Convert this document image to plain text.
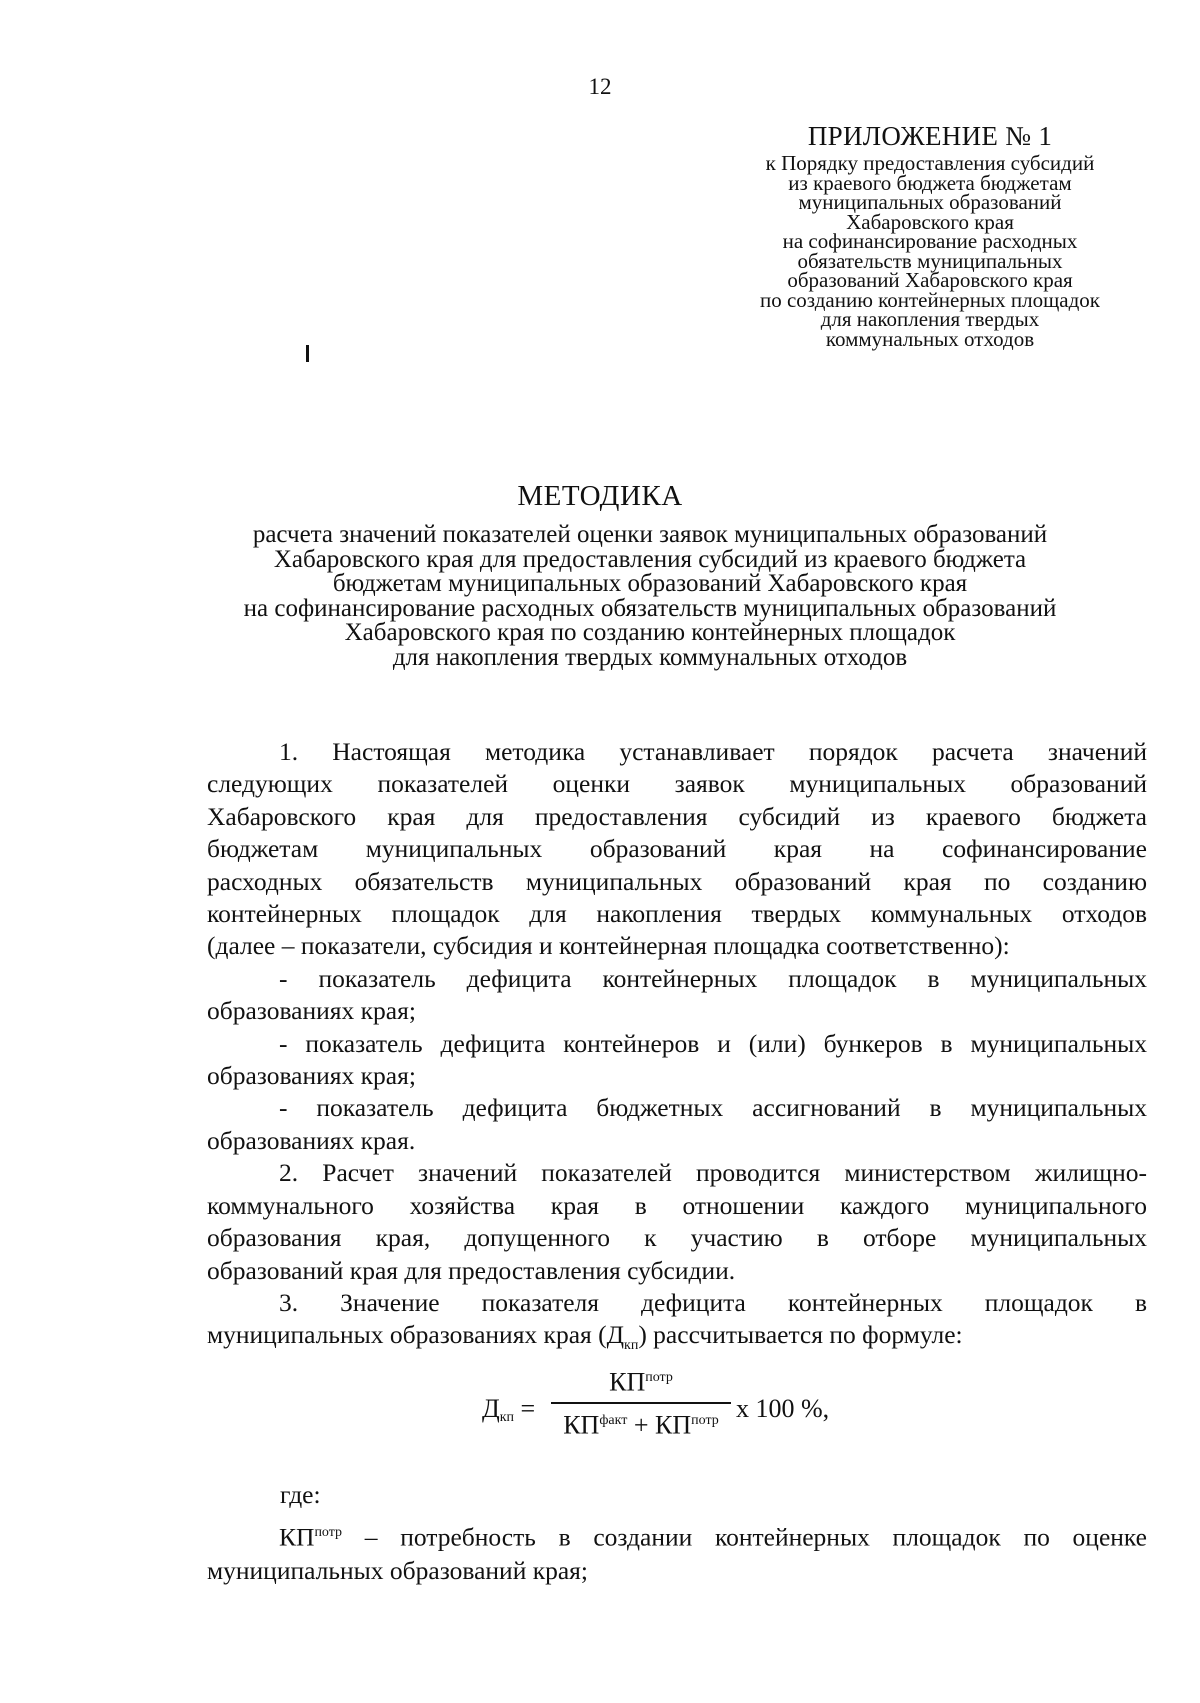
12
ПРИЛОЖЕНИЕ № 1
к Порядку предоставления субсидий
из краевого бюджета бюджетам
муниципальных образований
Хабаровского края
на софинансирование расходных
обязательств муниципальных
образований Хабаровского края
по созданию контейнерных площадок
для накопления твердых
коммунальных отходов
МЕТОДИКА
расчета значений показателей оценки заявок муниципальных образований
Хабаровского края для предоставления субсидий из краевого бюджета
бюджетам муниципальных образований Хабаровского края
на софинансирование расходных обязательств муниципальных образований
Хабаровского края по созданию контейнерных площадок
для накопления твердых коммунальных отходов
1. Настоящая методика устанавливает порядок расчета значений
следующих показателей оценки заявок муниципальных образований
Хабаровского края для предоставления субсидий из краевого бюджета
бюджетам муниципальных образований края на софинансирование
расходных обязательств муниципальных образований края по созданию
контейнерных площадок для накопления твердых коммунальных отходов
(далее – показатели, субсидия и контейнерная площадка соответственно):
- показатель дефицита контейнерных площадок в муниципальных
образованиях края;
- показатель дефицита контейнеров и (или) бункеров в муниципальных
образованиях края;
- показатель дефицита бюджетных ассигнований в муниципальных
образованиях края.
2. Расчет значений показателей проводится министерством жилищно-
коммунального хозяйства края в отношении каждого муниципального
образования края, допущенного к участию в отборе муниципальных
образований края для предоставления субсидии.
3. Значение показателя дефицита контейнерных площадок в
муниципальных образованиях края $(Д_{кп})$ рассчитывается по формуле:
$Д_{кп}$ =
$КП^{потр}$
$КП^{факт} + КП^{потр}$ x 100 %,
где:
$КП^{потр}$ – потребность в создании контейнерных площадок по оценке
муниципальных образований края;
